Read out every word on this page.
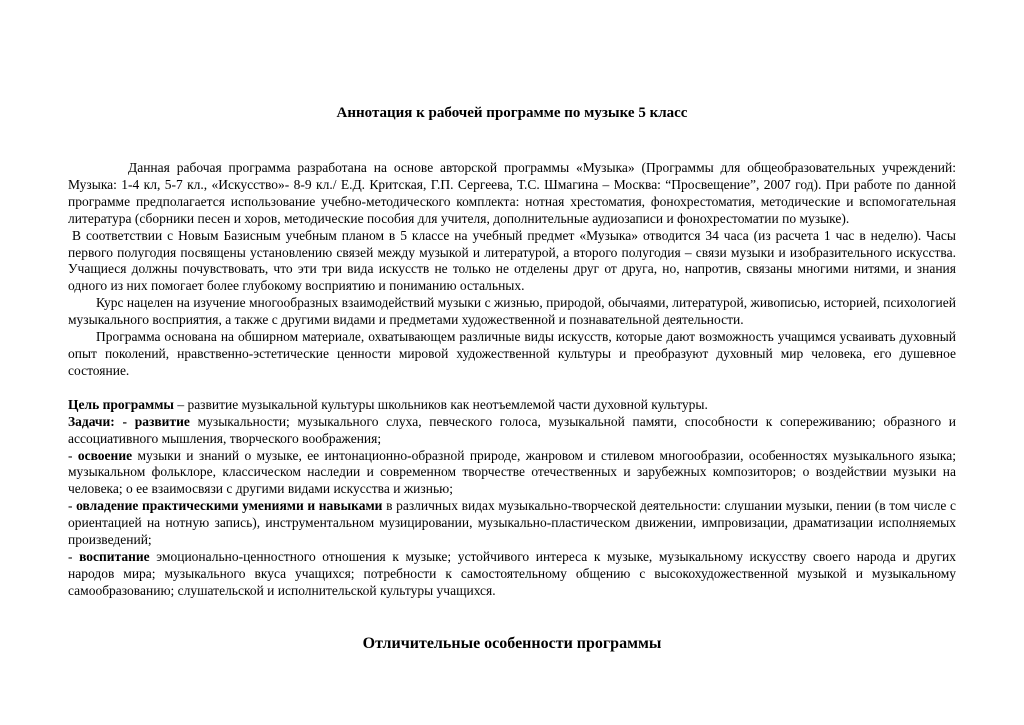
Аннотация к рабочей программе по музыке 5 класс

Данная рабочая программа разработана на основе авторской программы «Музыка» (Программы для общеобразовательных учреждений: Музыка: 1-4 кл, 5-7 кл., «Искусство»- 8-9 кл./ Е.Д. Критская, Г.П. Сергеева, Т.С. Шмагина – Москва: “Просвещение”, 2007 год). При работе по данной программе предполагается использование учебно-методического комплекта: нотная хрестоматия, фонохрестоматия, методические и вспомогательная литература (сборники песен и хоров, методические пособия для учителя, дополнительные аудиозаписи и фонохрестоматии по музыке).

В соответствии с Новым Базисным учебным планом в 5 классе на учебный предмет «Музыка» отводится 34 часа (из расчета 1 час в неделю). Часы первого полугодия посвящены установлению связей между музыкой и литературой, а второго полугодия – связи музыки и изобразительного искусства. Учащиеся должны почувствовать, что эти три вида искусств не только не отделены друг от друга, но, напротив, связаны многими нитями, и знания одного из них помогает более глубокому восприятию и пониманию остальных.

Курс нацелен на изучение многообразных взаимодействий музыки с жизнью, природой, обычаями, литературой, живописью, историей, психологией музыкального восприятия, а также с другими видами и предметами художественной и познавательной деятельности.

Программа основана на обширном материале, охватывающем различные виды искусств, которые дают возможность учащимся усваивать духовный опыт поколений, нравственно-эстетические ценности мировой художественной культуры и преобразуют духовный мир человека, его душевное состояние.

Цель программы – развитие музыкальной культуры школьников как неотъемлемой части духовной культуры.

Задачи: - развитие музыкальности; музыкального слуха, певческого голоса, музыкальной памяти, способности к сопереживанию; образного и ассоциативного мышления, творческого воображения;

- освоение музыки и знаний о музыке, ее интонационно-образной природе, жанровом и стилевом многообразии, особенностях музыкального языка; музыкальном фольклоре, классическом наследии и современном творчестве отечественных и зарубежных композиторов; о воздействии музыки на человека; о ее взаимосвязи с другими видами искусства и жизнью;

- овладение практическими умениями и навыками в различных видах музыкально-творческой деятельности: слушании музыки, пении (в том числе с ориентацией на нотную запись), инструментальном музицировании, музыкально-пластическом движении, импровизации, драматизации исполняемых произведений;

- воспитание эмоционально-ценностного отношения к музыке; устойчивого интереса к музыке, музыкальному искусству своего народа и других народов мира; музыкального вкуса учащихся; потребности к самостоятельному общению с высокохудожественной музыкой и музыкальному самообразованию; слушательской и исполнительской культуры учащихся.

Отличительные особенности программы
